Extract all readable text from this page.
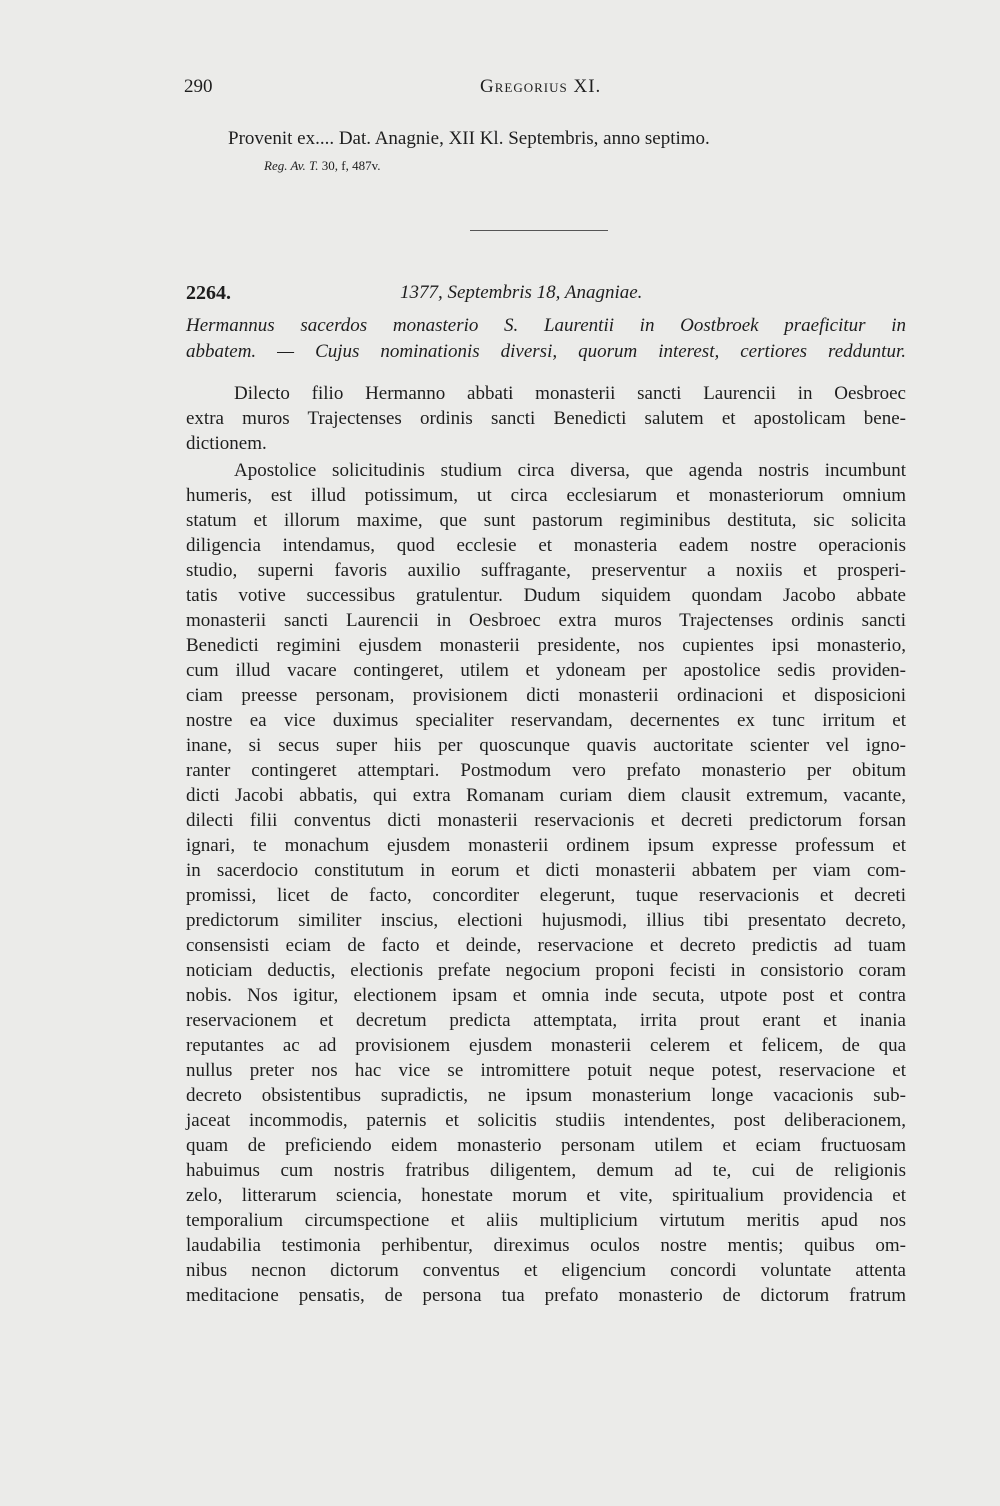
290	Gregorius XI.
Provenit ex.... Dat. Anagnie, XII Kl. Septembris, anno septimo.
Reg. Av. T. 30, f, 487v.
2264.	1377, Septembris 18, Anagniae.
Hermannus sacerdos monasterio S. Laurentii in Oostbroek praeficitur in
abbatem. — Cujus nominationis diversi, quorum interest, certiores redduntur.
Dilecto filio Hermanno abbati monasterii sancti Laurencii in Oesbroec
extra muros Trajectenses ordinis sancti Benedicti salutem et apostolicam bene-
dictionem.
Apostolice solicitudinis studium circa diversa, que agenda nostris incumbunt
humeris, est illud potissimum, ut circa ecclesiarum et monasteriorum omnium
statum et illorum maxime, que sunt pastorum regiminibus destituta, sic solicita
diligencia intendamus, quod ecclesie et monasteria eadem nostre operacionis
studio, superni favoris auxilio suffragante, preserventur a noxiis et prosperi-
tatis votive successibus gratulentur. Dudum siquidem quondam Jacobo abbate
monasterii sancti Laurencii in Oesbroec extra muros Trajectenses ordinis sancti
Benedicti regimini ejusdem monasterii presidente, nos cupientes ipsi monasterio,
cum illud vacare contingeret, utilem et ydoneam per apostolice sedis providen-
ciam preesse personam, provisionem dicti monasterii ordinacioni et disposicioni
nostre ea vice duximus specialiter reservandam, decernentes ex tunc irritum et
inane, si secus super hiis per quoscunque quavis auctoritate scienter vel igno-
ranter contingeret attemptari. Postmodum vero prefato monasterio per obitum
dicti Jacobi abbatis, qui extra Romanam curiam diem clausit extremum, vacante,
dilecti filii conventus dicti monasterii reservacionis et decreti predictorum forsan
ignari, te monachum ejusdem monasterii ordinem ipsum expresse professum et
in sacerdocio constitutum in eorum et dicti monasterii abbatem per viam com-
promissi, licet de facto, concorditer elegerunt, tuque reservacionis et decreti
predictorum similiter inscius, electioni hujusmodi, illius tibi presentato decreto,
consensisti eciam de facto et deinde, reservacione et decreto predictis ad tuam
noticiam deductis, electionis prefate negocium proponi fecisti in consistorio coram
nobis. Nos igitur, electionem ipsam et omnia inde secuta, utpote post et contra
reservacionem et decretum predicta attemptata, irrita prout erant et inania
reputantes ac ad provisionem ejusdem monasterii celerem et felicem, de qua
nullus preter nos hac vice se intromittere potuit neque potest, reservacione et
decreto obsistentibus supradictis, ne ipsum monasterium longe vacacionis sub-
jaceat incommodis, paternis et solicitis studiis intendentes, post deliberacionem,
quam de preficiendo eidem monasterio personam utilem et eciam fructuosam
habuimus cum nostris fratribus diligentem, demum ad te, cui de religionis
zelo, litterarum sciencia, honestate morum et vite, spiritualium providencia et
temporalium circumspectione et aliis multiplicium virtutum meritis apud nos
laudabilia testimonia perhibentur, direximus oculos nostre mentis; quibus om-
nibus necnon dictorum conventus et eligencium concordi voluntate attenta
meditacione pensatis, de persona tua prefato monasterio de dictorum fratrum
